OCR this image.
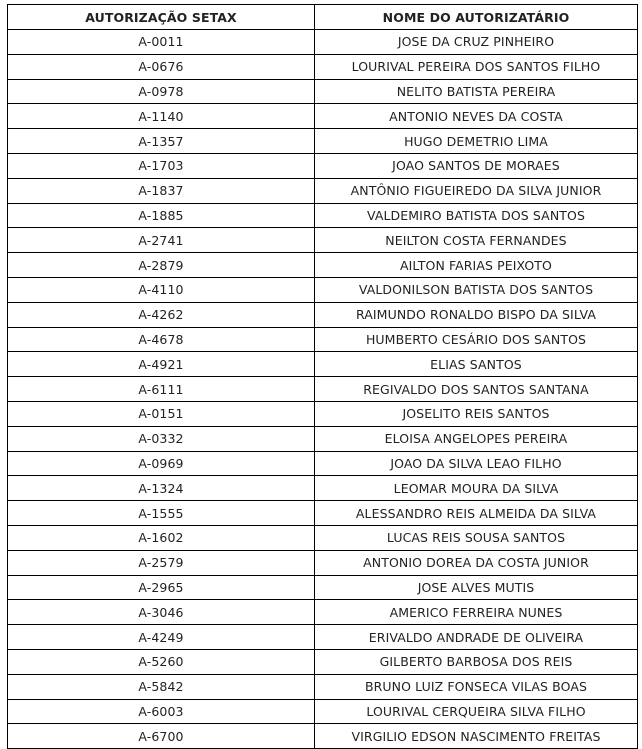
AUTORIZAÇÃO SETAX	NOME DO AUTORIZATÁRIO
A-0011	JOSE DA CRUZ PINHEIRO
A-0676	LOURIVAL PEREIRA DOS SANTOS FILHO
A-0978	NELITO BATISTA PEREIRA
A-1140	ANTONIO NEVES DA COSTA
A-1357	HUGO DEMETRIO LIMA
A-1703	JOAO SANTOS DE MORAES
A-1837	ANTÔNIO FIGUEIREDO DA SILVA JUNIOR
A-1885	VALDEMIRO BATISTA DOS SANTOS
A-2741	NEILTON COSTA FERNANDES
A-2879	AILTON FARIAS PEIXOTO
A-4110	VALDONILSON BATISTA DOS SANTOS
A-4262	RAIMUNDO RONALDO BISPO DA SILVA
A-4678	HUMBERTO CESÁRIO DOS SANTOS
A-4921	ELIAS SANTOS
A-6111	REGIVALDO DOS SANTOS SANTANA
A-0151	JOSELITO REIS SANTOS
A-0332	ELOISA ANGELOPES PEREIRA
A-0969	JOAO DA SILVA LEAO FILHO
A-1324	LEOMAR MOURA DA SILVA
A-1555	ALESSANDRO REIS ALMEIDA DA SILVA
A-1602	LUCAS REIS SOUSA SANTOS
A-2579	ANTONIO DOREA DA COSTA JUNIOR
A-2965	JOSE ALVES MUTIS
A-3046	AMERICO FERREIRA NUNES
A-4249	ERIVALDO ANDRADE DE OLIVEIRA
A-5260	GILBERTO BARBOSA DOS REIS
A-5842	BRUNO LUIZ FONSECA VILAS BOAS
A-6003	LOURIVAL CERQUEIRA SILVA FILHO
A-6700	VIRGILIO EDSON NASCIMENTO FREITAS
